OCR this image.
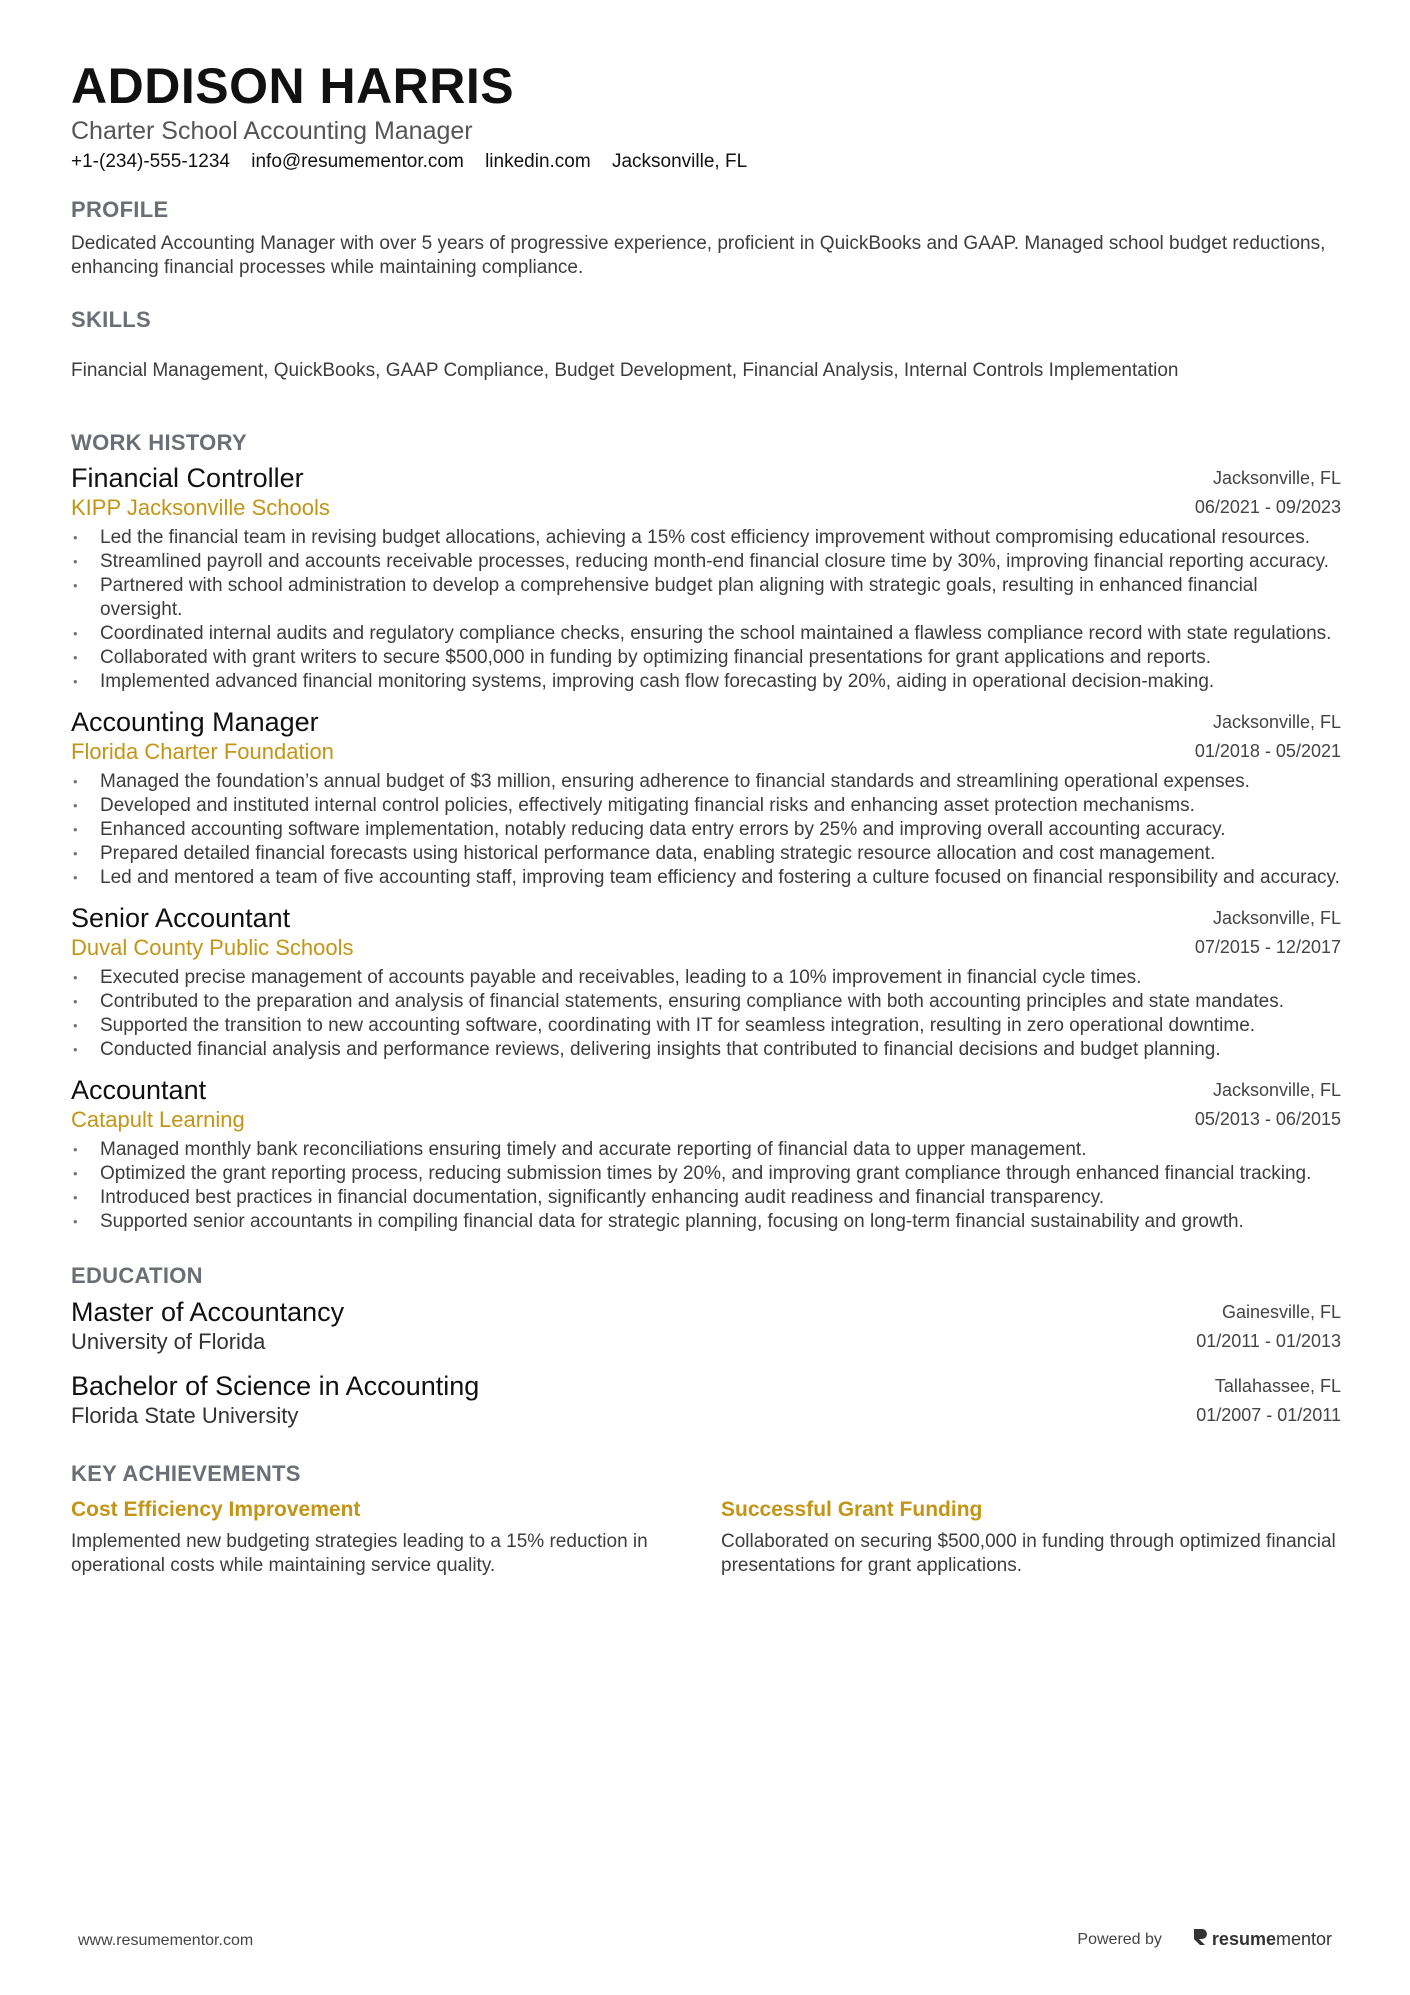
ADDISON HARRIS
Charter School Accounting Manager
+1-(234)-555-1234 info@resumementor.com linkedin.com Jacksonville, FL
PROFILE
Dedicated Accounting Manager with over 5 years of progressive experience, proficient in QuickBooks and GAAP. Managed school budget reductions, enhancing financial processes while maintaining compliance.
SKILLS
Financial Management, QuickBooks, GAAP Compliance, Budget Development, Financial Analysis, Internal Controls Implementation
WORK HISTORY
Financial Controller
KIPP Jacksonville Schools
Jacksonville, FL
06/2021 - 09/2023
• Led the financial team in revising budget allocations, achieving a 15% cost efficiency improvement without compromising educational resources.
• Streamlined payroll and accounts receivable processes, reducing month-end financial closure time by 30%, improving financial reporting accuracy.
• Partnered with school administration to develop a comprehensive budget plan aligning with strategic goals, resulting in enhanced financial oversight.
• Coordinated internal audits and regulatory compliance checks, ensuring the school maintained a flawless compliance record with state regulations.
• Collaborated with grant writers to secure $500,000 in funding by optimizing financial presentations for grant applications and reports.
• Implemented advanced financial monitoring systems, improving cash flow forecasting by 20%, aiding in operational decision-making.
Accounting Manager
Florida Charter Foundation
Jacksonville, FL
01/2018 - 05/2021
• Managed the foundation’s annual budget of $3 million, ensuring adherence to financial standards and streamlining operational expenses.
• Developed and instituted internal control policies, effectively mitigating financial risks and enhancing asset protection mechanisms.
• Enhanced accounting software implementation, notably reducing data entry errors by 25% and improving overall accounting accuracy.
• Prepared detailed financial forecasts using historical performance data, enabling strategic resource allocation and cost management.
• Led and mentored a team of five accounting staff, improving team efficiency and fostering a culture focused on financial responsibility and accuracy.
Senior Accountant
Duval County Public Schools
Jacksonville, FL
07/2015 - 12/2017
• Executed precise management of accounts payable and receivables, leading to a 10% improvement in financial cycle times.
• Contributed to the preparation and analysis of financial statements, ensuring compliance with both accounting principles and state mandates.
• Supported the transition to new accounting software, coordinating with IT for seamless integration, resulting in zero operational downtime.
• Conducted financial analysis and performance reviews, delivering insights that contributed to financial decisions and budget planning.
Accountant
Catapult Learning
Jacksonville, FL
05/2013 - 06/2015
• Managed monthly bank reconciliations ensuring timely and accurate reporting of financial data to upper management.
• Optimized the grant reporting process, reducing submission times by 20%, and improving grant compliance through enhanced financial tracking.
• Introduced best practices in financial documentation, significantly enhancing audit readiness and financial transparency.
• Supported senior accountants in compiling financial data for strategic planning, focusing on long-term financial sustainability and growth.
EDUCATION
Master of Accountancy
University of Florida
Gainesville, FL
01/2011 - 01/2013
Bachelor of Science in Accounting
Florida State University
Tallahassee, FL
01/2007 - 01/2011
KEY ACHIEVEMENTS
Cost Efficiency Improvement
Implemented new budgeting strategies leading to a 15% reduction in operational costs while maintaining service quality.
Successful Grant Funding
Collaborated on securing $500,000 in funding through optimized financial presentations for grant applications.
www.resumementor.com	Powered by	resume mentor
